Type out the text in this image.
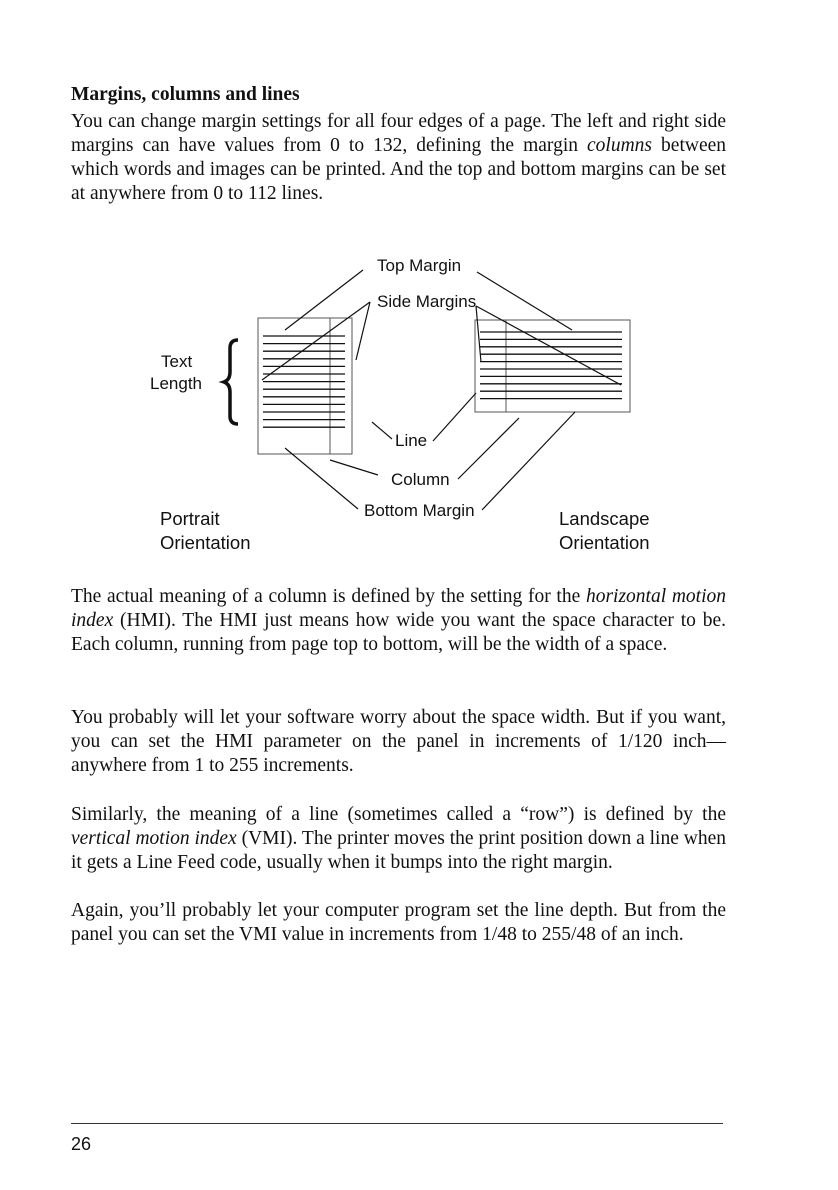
Margins, columns and lines

You can change margin settings for all four edges of a page. The left and right side margins can have values from 0 to 132, defining the margin columns between which words and images can be printed. And the top and bottom margins can be set at anywhere from 0 to 112 lines.

Top Margin
Side Margins
Text
Length
Line
Column
Bottom Margin
Portrait
Orientation
Landscape
Orientation

The actual meaning of a column is defined by the setting for the horizontal motion index (HMI). The HMI just means how wide you want the space character to be. Each column, running from page top to bottom, will be the width of a space.

You probably will let your software worry about the space width. But if you want, you can set the HMI parameter on the panel in increments of 1/120 inch— anywhere from 1 to 255 increments.

Similarly, the meaning of a line (sometimes called a “row”) is defined by the vertical motion index (VMI). The printer moves the print position down a line when it gets a Line Feed code, usually when it bumps into the right margin.

Again, you’ll probably let your computer program set the line depth. But from the panel you can set the VMI value in increments from 1/48 to 255/48 of an inch.

26
